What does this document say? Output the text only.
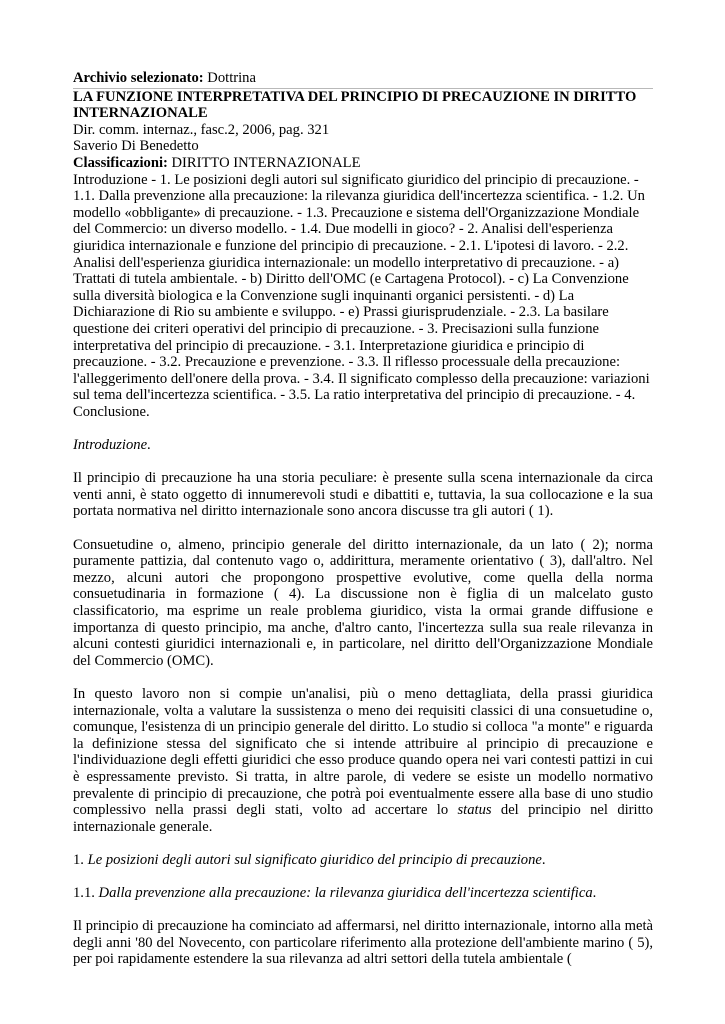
Archivio selezionato: Dottrina

LA FUNZIONE INTERPRETATIVA DEL PRINCIPIO DI PRECAUZIONE IN DIRITTO INTERNAZIONALE

Dir. comm. internaz., fasc.2, 2006, pag. 321

Saverio Di Benedetto

Classificazioni: DIRITTO INTERNAZIONALE

Introduzione - 1. Le posizioni degli autori sul significato giuridico del principio di precauzione. - 1.1. Dalla prevenzione alla precauzione: la rilevanza giuridica dell'incertezza scientifica. - 1.2. Un modello «obbligante» di precauzione. - 1.3. Precauzione e sistema dell'Organizzazione Mondiale del Commercio: un diverso modello. - 1.4. Due modelli in gioco? - 2. Analisi dell'esperienza giuridica internazionale e funzione del principio di precauzione. - 2.1. L'ipotesi di lavoro. - 2.2. Analisi dell'esperienza giuridica internazionale: un modello interpretativo di precauzione. - a) Trattati di tutela ambientale. - b) Diritto dell'OMC (e Cartagena Protocol). - c) La Convenzione sulla diversità biologica e la Convenzione sugli inquinanti organici persistenti. - d) La Dichiarazione di Rio su ambiente e sviluppo. - e) Prassi giurisprudenziale. - 2.3. La basilare questione dei criteri operativi del principio di precauzione. - 3. Precisazioni sulla funzione interpretativa del principio di precauzione. - 3.1. Interpretazione giuridica e principio di precauzione. - 3.2. Precauzione e prevenzione. - 3.3. Il riflesso processuale della precauzione: l'alleggerimento dell'onere della prova. - 3.4. Il significato complesso della precauzione: variazioni sul tema dell'incertezza scientifica. - 3.5. La ratio interpretativa del principio di precauzione. - 4. Conclusione.

Introduzione.

Il principio di precauzione ha una storia peculiare: è presente sulla scena internazionale da circa venti anni, è stato oggetto di innumerevoli studi e dibattiti e, tuttavia, la sua collocazione e la sua portata normativa nel diritto internazionale sono ancora discusse tra gli autori ( 1).

Consuetudine o, almeno, principio generale del diritto internazionale, da un lato ( 2); norma puramente pattizia, dal contenuto vago o, addirittura, meramente orientativo ( 3), dall'altro. Nel mezzo, alcuni autori che propongono prospettive evolutive, come quella della norma consuetudinaria in formazione ( 4). La discussione non è figlia di un malcelato gusto classificatorio, ma esprime un reale problema giuridico, vista la ormai grande diffusione e importanza di questo principio, ma anche, d'altro canto, l'incertezza sulla sua reale rilevanza in alcuni contesti giuridici internazionali e, in particolare, nel diritto dell'Organizzazione Mondiale del Commercio (OMC).

In questo lavoro non si compie un'analisi, più o meno dettagliata, della prassi giuridica internazionale, volta a valutare la sussistenza o meno dei requisiti classici di una consuetudine o, comunque, l'esistenza di un principio generale del diritto. Lo studio si colloca "a monte" e riguarda la definizione stessa del significato che si intende attribuire al principio di precauzione e l'individuazione degli effetti giuridici che esso produce quando opera nei vari contesti pattizi in cui è espressamente previsto. Si tratta, in altre parole, di vedere se esiste un modello normativo prevalente di principio di precauzione, che potrà poi eventualmente essere alla base di uno studio complessivo nella prassi degli stati, volto ad accertare lo status del principio nel diritto internazionale generale.

1. Le posizioni degli autori sul significato giuridico del principio di precauzione.

1.1. Dalla prevenzione alla precauzione: la rilevanza giuridica dell'incertezza scientifica.

Il principio di precauzione ha cominciato ad affermarsi, nel diritto internazionale, intorno alla metà degli anni '80 del Novecento, con particolare riferimento alla protezione dell'ambiente marino ( 5), per poi rapidamente estendere la sua rilevanza ad altri settori della tutela ambientale (
